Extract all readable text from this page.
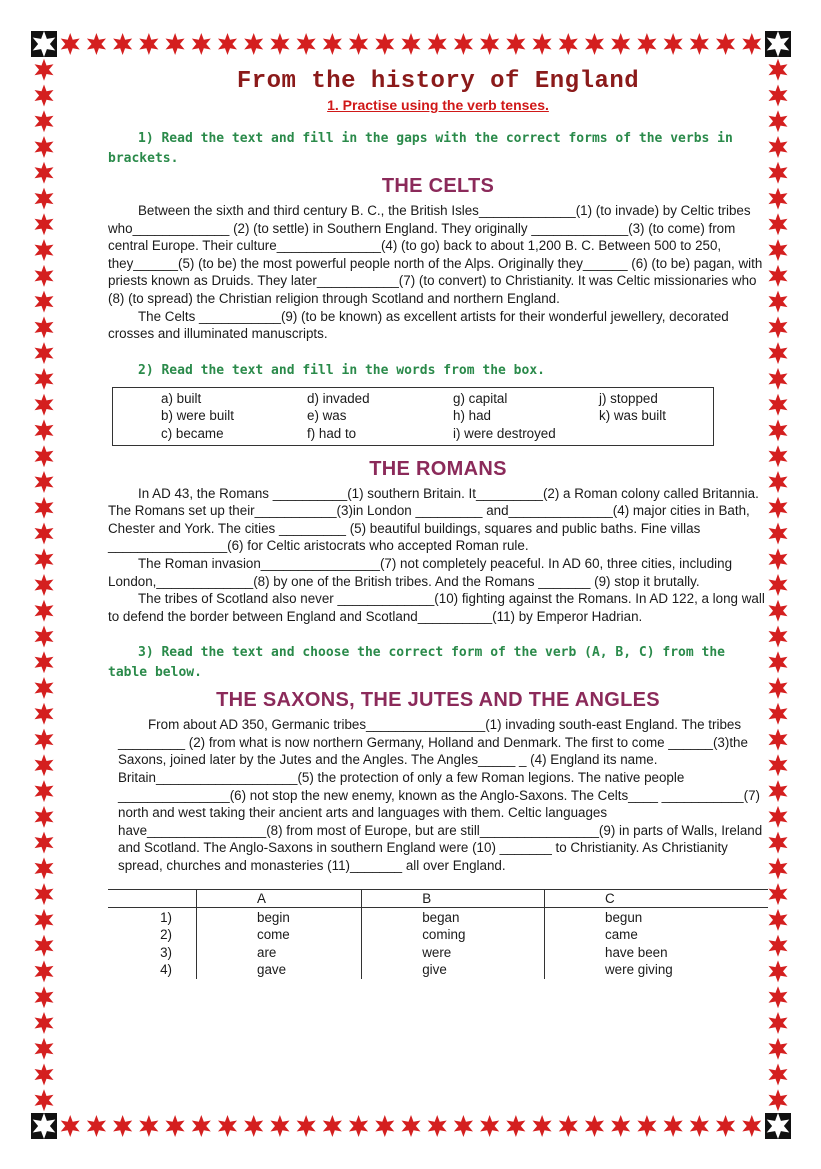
From the history of England
1. Practise using the verb tenses.
1) Read the text and fill in the gaps with the correct forms of the verbs in brackets.
THE CELTS

Between the sixth and third century B. C., the British Isles_____________(1) (to invade) by Celtic tribes who_____________ (2) (to settle) in Southern England. They originally _____________(3) (to come) from central Europe. Their culture______________(4) (to go) back to about 1,200 B. C. Between 500 to 250, they______(5) (to be) the most powerful people north of the Alps. Originally they______ (6) (to be) pagan, with priests known as Druids. They later___________(7) (to convert) to Christianity. It was Celtic missionaries who (8) (to spread) the Christian religion through Scotland and northern England.

The Celts ___________(9) (to be known) as excellent artists for their wonderful jewellery, decorated crosses and illuminated manuscripts.

2) Read the text and fill in the words from the box.
a) built	d) invaded	g) capital	j) stopped
b) were built	e) was	h) had	k) was built
c) became	f) had to	i) were destroyed
THE ROMANS

In AD 43, the Romans __________(1) southern Britain. It_________(2) a Roman colony called Britannia. The Romans set up their___________(3)in London _________ and______________(4) major cities in Bath, Chester and York. The cities _________ (5) beautiful buildings, squares and public baths. Fine villas ________________(6) for Celtic aristocrats who accepted Roman rule.

The Roman invasion________________(7) not completely peaceful. In AD 60, three cities, including London,_____________(8) by one of the British tribes. And the Romans _______ (9) stop it brutally.

The tribes of Scotland also never _____________(10) fighting against the Romans. In AD 122, a long wall to defend the border between England and Scotland__________(11) by Emperor Hadrian.

3) Read the text and choose the correct form of the verb (A, B, C) from the table below.
THE SAXONS, THE JUTES AND THE ANGLES

From about AD 350, Germanic tribes________________(1) invading south-east England. The tribes _________ (2) from what is now northern Germany, Holland and Denmark. The first to come ______(3)the Saxons, joined later by the Jutes and the Angles. The Angles_____ _ (4) England its name. Britain___________________(5) the protection of only a few Roman legions. The native people _______________(6) not stop the new enemy, known as the Anglo-Saxons. The Celts____ ___________(7) north and west taking their ancient arts and languages with them. Celtic languages have________________(8) from most of Europe, but are still________________(9) in parts of Walls, Ireland and Scotland. The Anglo-Saxons in southern England were (10) _______ to Christianity. As Christianity spread, churches and monasteries (11)_______ all over England.

	A	B	C
1)	begin	began	begun
2)	come	coming	came
3)	are	were	have been
4)	gave	give	were giving
